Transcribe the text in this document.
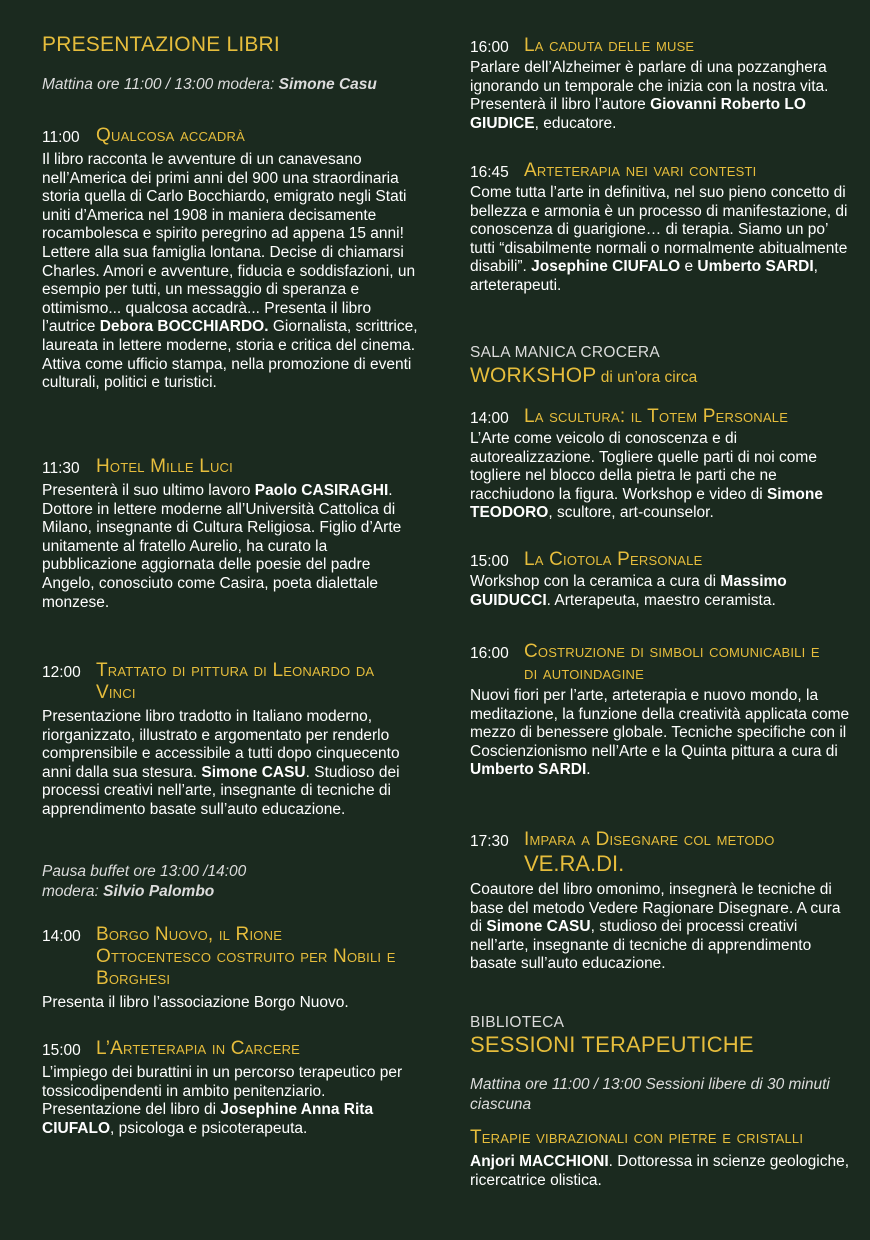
PRESENTAZIONE LIBRI
Mattina ore 11:00 / 13:00 modera: Simone Casu
11:00 Qualcosa accadrà
Il libro racconta le avventure di un canavesano nell’America dei primi anni del 900 una straordinaria storia quella di Carlo Bocchiardo, emigrato negli Stati uniti d’America nel 1908 in maniera decisamente rocambolesca e spirito peregrino ad appena 15 anni! Lettere alla sua famiglia lontana. Decise di chiamarsi Charles. Amori e avventure, fiducia e soddisfazioni, un esempio per tutti, un messaggio di speranza e ottimismo... qualcosa accadrà... Presenta il libro l’autrice Debora BOCCHIARDO. Giornalista, scrittrice, laureata in lettere moderne, storia e critica del cinema. Attiva come ufficio stampa, nella promozione di eventi culturali, politici e turistici.
11:30 Hotel Mille Luci
Presenterà il suo ultimo lavoro Paolo CASIRAGHI. Dottore in lettere moderne all’Università Cattolica di Milano, insegnante di Cultura Religiosa. Figlio d’Arte unitamente al fratello Aurelio, ha curato la pubblicazione aggiornata delle poesie del padre Angelo, conosciuto come Casira, poeta dialettale monzese.
12:00 Trattato di pittura di Leonardo da Vinci
Presentazione libro tradotto in Italiano moderno, riorganizzato, illustrato e argomentato per renderlo comprensibile e accessibile a tutti dopo cinquecento anni dalla sua stesura. Simone CASU. Studioso dei processi creativi nell’arte, insegnante di tecniche di apprendimento basate sull’auto educazione.
Pausa buffet ore 13:00 /14:00
modera: Silvio Palombo
14:00 Borgo Nuovo, il Rione Ottocentesco costruito per Nobili e Borghesi
Presenta il libro l’associazione Borgo Nuovo.
15:00 L’Arteterapia in Carcere
L’impiego dei burattini in un percorso terapeutico per tossicodipendenti in ambito penitenziario.
Presentazione del libro di Josephine Anna Rita CIUFALO, psicologa e psicoterapeuta.
16:00 La caduta delle muse
Parlare dell’Alzheimer è parlare di una pozzanghera ignorando un temporale che inizia con la nostra vita. Presenterà il libro l’autore Giovanni Roberto LO GIUDICE, educatore.
16:45 Arteterapia nei vari contesti
Come tutta l’arte in definitiva, nel suo pieno concetto di bellezza e armonia è un processo di manifestazione, di conoscenza di guarigione… di terapia. Siamo un po’ tutti “disabilmente normali o normalmente abitualmente disabili”. Josephine CIUFALO e Umberto SARDI, arteterapeuti.
SALA MANICA CROCERA
WORKSHOP di un’ora circa
14:00 La scultura: il Totem Personale
L’Arte come veicolo di conoscenza e di autorealizzazione. Togliere quelle parti di noi come togliere nel blocco della pietra le parti che ne racchiudono la figura. Workshop e video di Simone TEODORO, scultore, art-counselor.
15:00 La Ciotola Personale
Workshop con la ceramica a cura di Massimo GUIDUCCI. Arterapeuta, maestro ceramista.
16:00 Costruzione di simboli comunicabili e di autoindagine
Nuovi fiori per l’arte, arteterapia e nuovo mondo, la meditazione, la funzione della creatività applicata come mezzo di benessere globale. Tecniche specifiche con il Coscienzionismo nell’Arte e la Quinta pittura a cura di Umberto SARDI.
17:30 Impara a Disegnare col metodo
VE.RA.DI.
Coautore del libro omonimo, insegnerà le tecniche di base del metodo Vedere Ragionare Disegnare. A cura di Simone CASU, studioso dei processi creativi nell’arte, insegnante di tecniche di apprendimento basate sull’auto educazione.
BIBLIOTECA
SESSIONI TERAPEUTICHE
Mattina ore 11:00 / 13:00 Sessioni libere di 30 minuti ciascuna
Terapie vibrazionali con pietre e cristalli
Anjori MACCHIONI. Dottoressa in scienze geologiche, ricercatrice olistica.
